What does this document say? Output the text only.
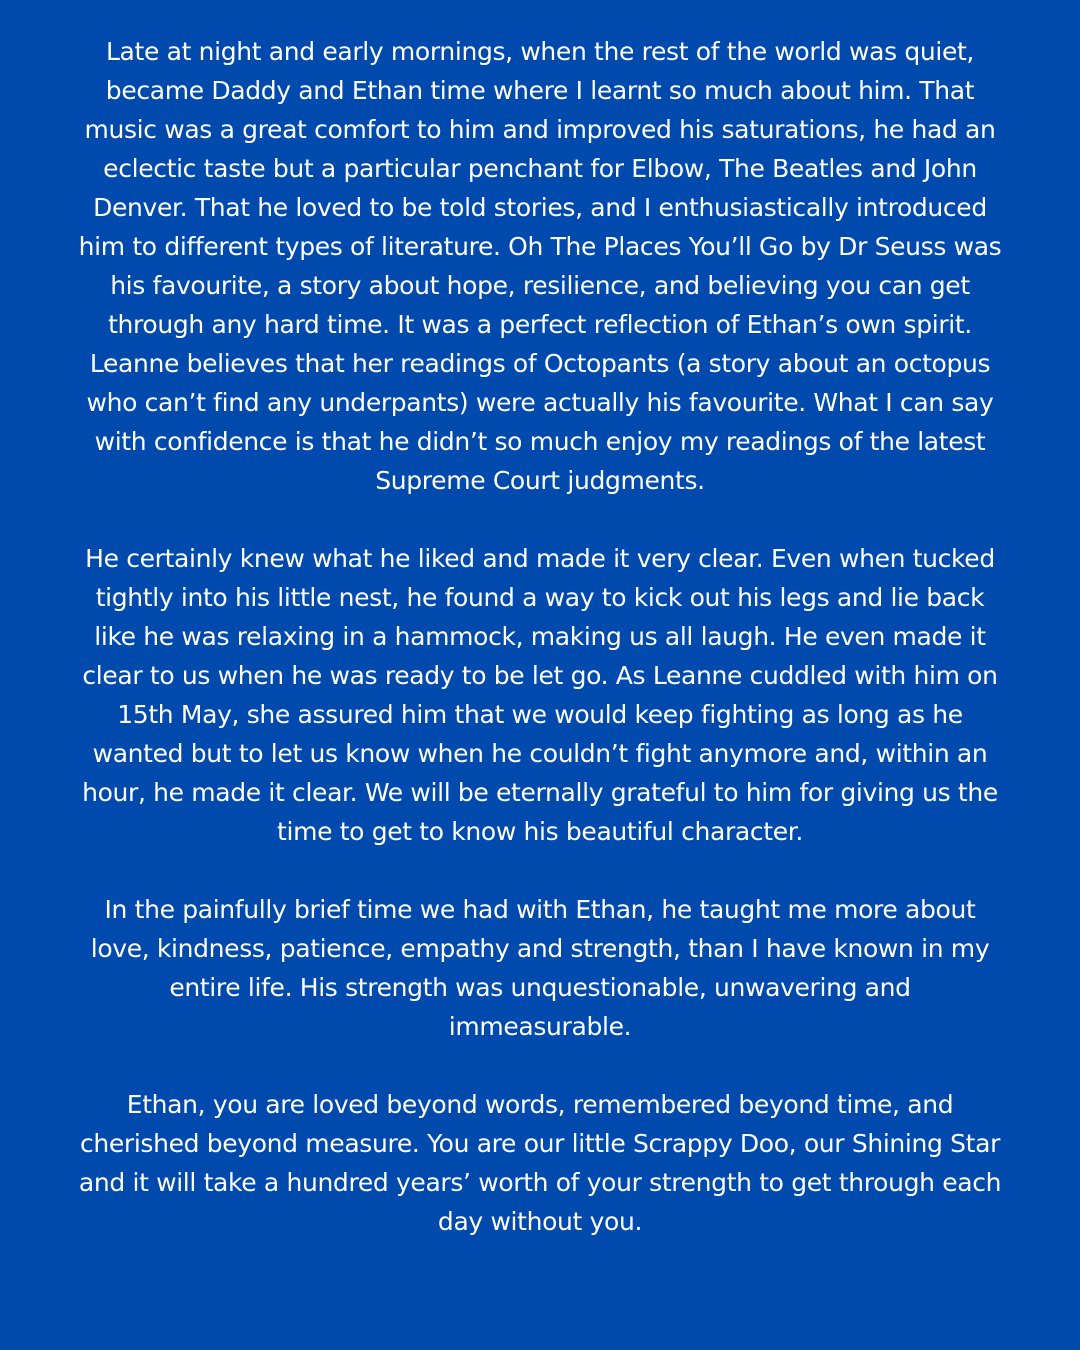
Late at night and early mornings, when the rest of the world was quiet, became Daddy and Ethan time where I learnt so much about him. That music was a great comfort to him and improved his saturations, he had an eclectic taste but a particular penchant for Elbow, The Beatles and John Denver. That he loved to be told stories, and I enthusiastically introduced him to different types of literature. Oh The Places You’ll Go by Dr Seuss was his favourite, a story about hope, resilience, and believing you can get through any hard time. It was a perfect reflection of Ethan’s own spirit. Leanne believes that her readings of Octopants (a story about an octopus who can’t find any underpants) were actually his favourite. What I can say with confidence is that he didn’t so much enjoy my readings of the latest Supreme Court judgments.

He certainly knew what he liked and made it very clear. Even when tucked tightly into his little nest, he found a way to kick out his legs and lie back like he was relaxing in a hammock, making us all laugh. He even made it clear to us when he was ready to be let go. As Leanne cuddled with him on 15th May, she assured him that we would keep fighting as long as he wanted but to let us know when he couldn’t fight anymore and, within an hour, he made it clear. We will be eternally grateful to him for giving us the time to get to know his beautiful character.

In the painfully brief time we had with Ethan, he taught me more about love, kindness, patience, empathy and strength, than I have known in my entire life. His strength was unquestionable, unwavering and immeasurable.

Ethan, you are loved beyond words, remembered beyond time, and cherished beyond measure. You are our little Scrappy Doo, our Shining Star and it will take a hundred years’ worth of your strength to get through each day without you.
